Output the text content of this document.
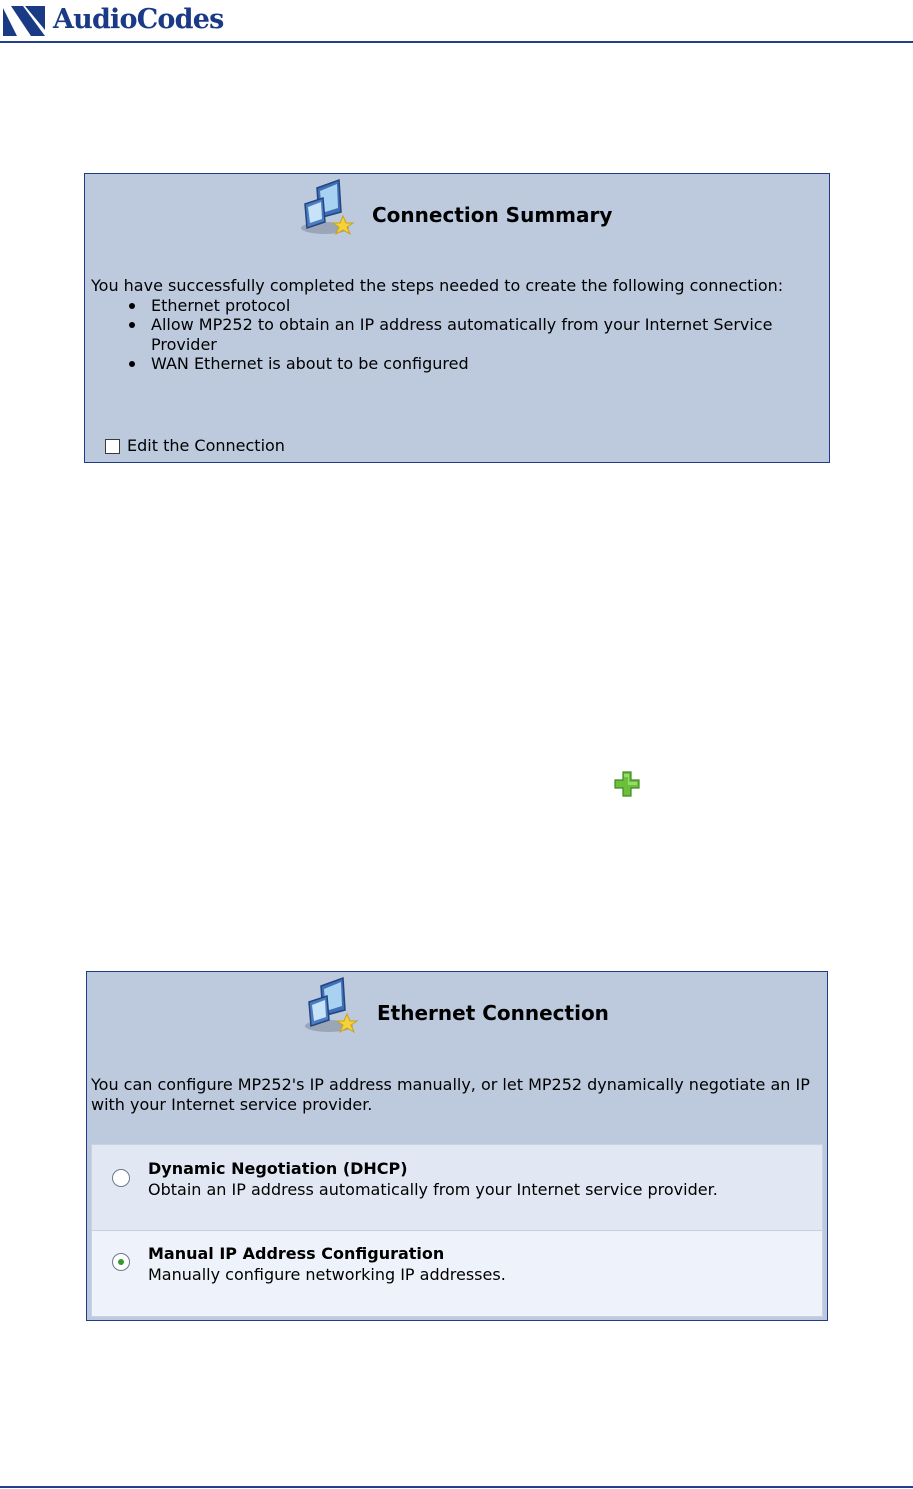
AudioCodes
Connection Summary
You have successfully completed the steps needed to create the following connection:
Ethernet protocol
Allow MP252 to obtain an IP address automatically from your Internet Service Provider
WAN Ethernet is about to be configured
Edit the Connection
Ethernet Connection
You can configure MP252's IP address manually, or let MP252 dynamically negotiate an IP with your Internet service provider.
Dynamic Negotiation (DHCP)
Obtain an IP address automatically from your Internet service provider.
Manual IP Address Configuration
Manually configure networking IP addresses.
